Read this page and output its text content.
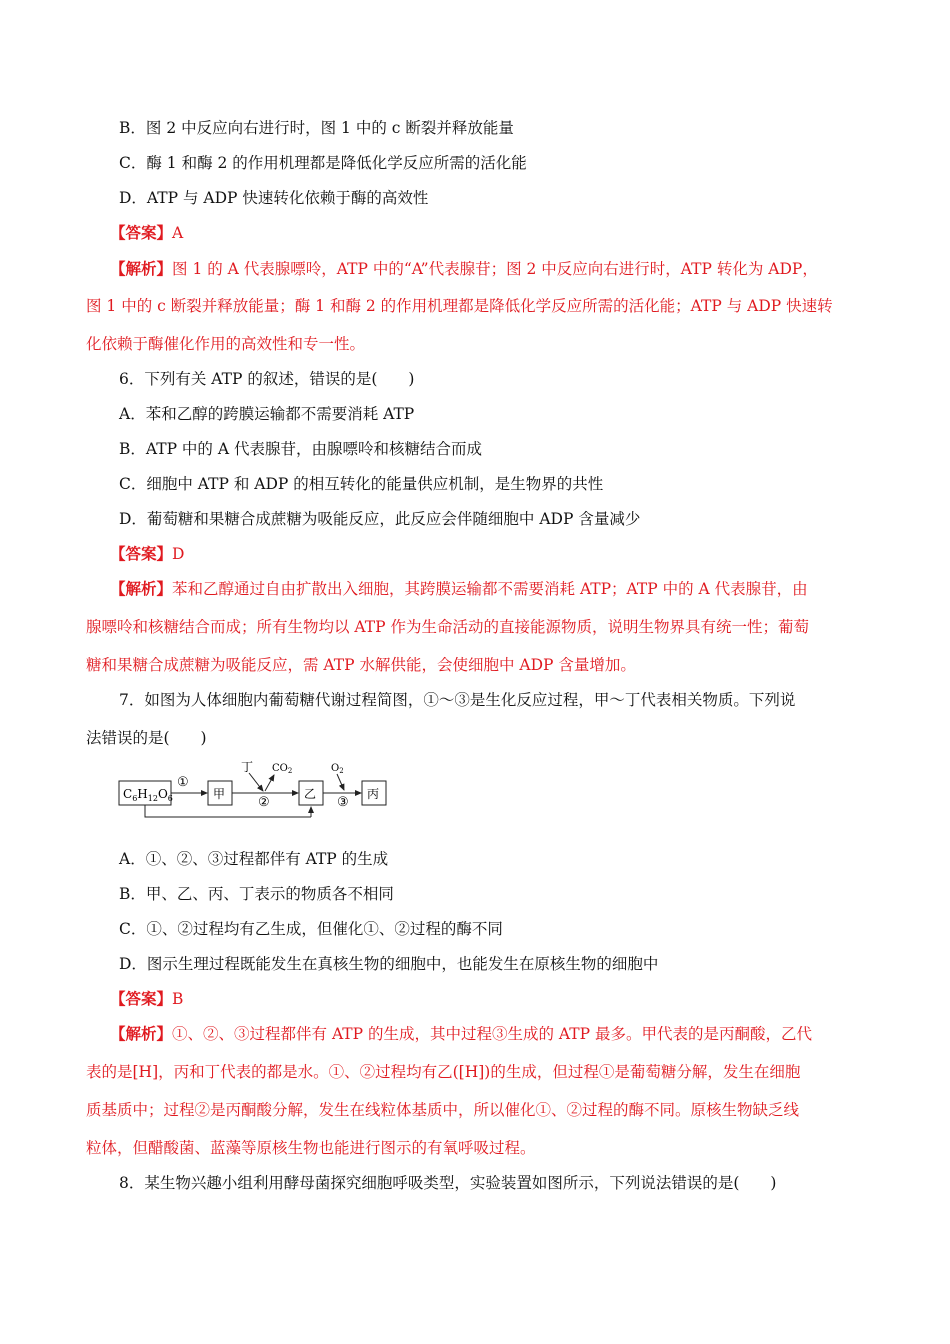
B．图 2 中反应向右进行时，图 1 中的 c 断裂并释放能量
C．酶 1 和酶 2 的作用机理都是降低化学反应所需的活化能
D．ATP 与 ADP 快速转化依赖于酶的高效性
【答案】A
【解析】图 1 的 A 代表腺嘌呤，ATP 中的“A”代表腺苷；图 2 中反应向右进行时，ATP 转化为 ADP，
图 1 中的 c 断裂并释放能量；酶 1 和酶 2 的作用机理都是降低化学反应所需的活化能；ATP 与 ADP 快速转
化依赖于酶催化作用的高效性和专一性。
6．下列有关 ATP 的叙述，错误的是(　　)
A．苯和乙醇的跨膜运输都不需要消耗 ATP
B．ATP 中的 A 代表腺苷，由腺嘌呤和核糖结合而成
C．细胞中 ATP 和 ADP 的相互转化的能量供应机制，是生物界的共性
D．葡萄糖和果糖合成蔗糖为吸能反应，此反应会伴随细胞中 ADP 含量减少
【答案】D
【解析】苯和乙醇通过自由扩散出入细胞，其跨膜运输都不需要消耗 ATP；ATP 中的 A 代表腺苷，由
腺嘌呤和核糖结合而成；所有生物均以 ATP 作为生命活动的直接能源物质，说明生物界具有统一性；葡萄
糖和果糖合成蔗糖为吸能反应，需 ATP 水解供能，会使细胞中 ADP 含量增加。
7．如图为人体细胞内葡萄糖代谢过程简图，①～③是生化反应过程，甲～丁代表相关物质。下列说
法错误的是(　　)
$C_6H_{12}O_6$
①
甲
②
丁 $CO_2$
乙
③
$O_2$
丙
A．①、②、③过程都伴有 ATP 的生成
B．甲、乙、丙、丁表示的物质各不相同
C．①、②过程均有乙生成，但催化①、②过程的酶不同
D．图示生理过程既能发生在真核生物的细胞中，也能发生在原核生物的细胞中
【答案】B
【解析】①、②、③过程都伴有 ATP 的生成，其中过程③生成的 ATP 最多。甲代表的是丙酮酸，乙代
表的是[H]，丙和丁代表的都是水。①、②过程均有乙([H])的生成，但过程①是葡萄糖分解，发生在细胞
质基质中；过程②是丙酮酸分解，发生在线粒体基质中，所以催化①、②过程的酶不同。原核生物缺乏线
粒体，但醋酸菌、蓝藻等原核生物也能进行图示的有氧呼吸过程。
8．某生物兴趣小组利用酵母菌探究细胞呼吸类型，实验装置如图所示，下列说法错误的是(　　)
